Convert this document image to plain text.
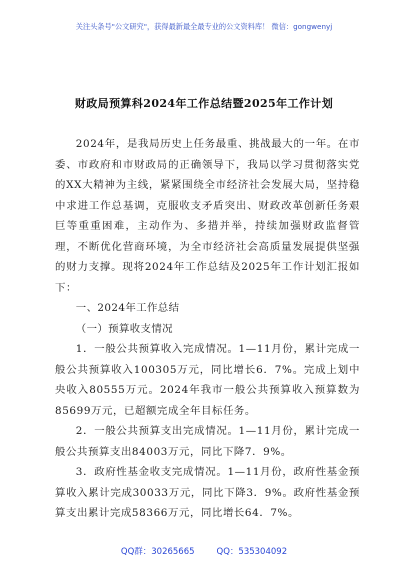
关注头条号"公文研究"，获得最新最全最专业的公文资料库！ 微信：gongwenyj
财政局预算科2024年工作总结暨2025年工作计划

2024年，是我局历史上任务最重、挑战最大的一年。在市委、市政府和市财政局的正确领导下，我局以学习贯彻落实党的XX大精神为主线，紧紧围绕全市经济社会发展大局，坚持稳中求进工作总基调，克服收支矛盾突出、财政改革创新任务艰巨等重重困难，主动作为、多措并举，持续加强财政监督管理，不断优化营商环境，为全市经济社会高质量发展提供坚强的财力支撑。现将2024年工作总结及2025年工作计划汇报如下：

一、2024年工作总结

（一）预算收支情况

1．一般公共预算收入完成情况。1—11月份，累计完成一般公共预算收入100305万元，同比增长6．7%。完成上划中央收入80555万元。2024年我市一般公共预算收入预算数为85699万元，已超额完成全年目标任务。

2．一般公共预算支出完成情况。1—11月份，累计完成一般公共预算支出84003万元，同比下降7．9%。

3．政府性基金收支完成情况。1—11月份，政府性基金预算收入累计完成30033万元，同比下降3．9%。政府性基金预算支出累计完成58366万元，同比增长64．7%。

QQ群：30265665	QQ：535304092
